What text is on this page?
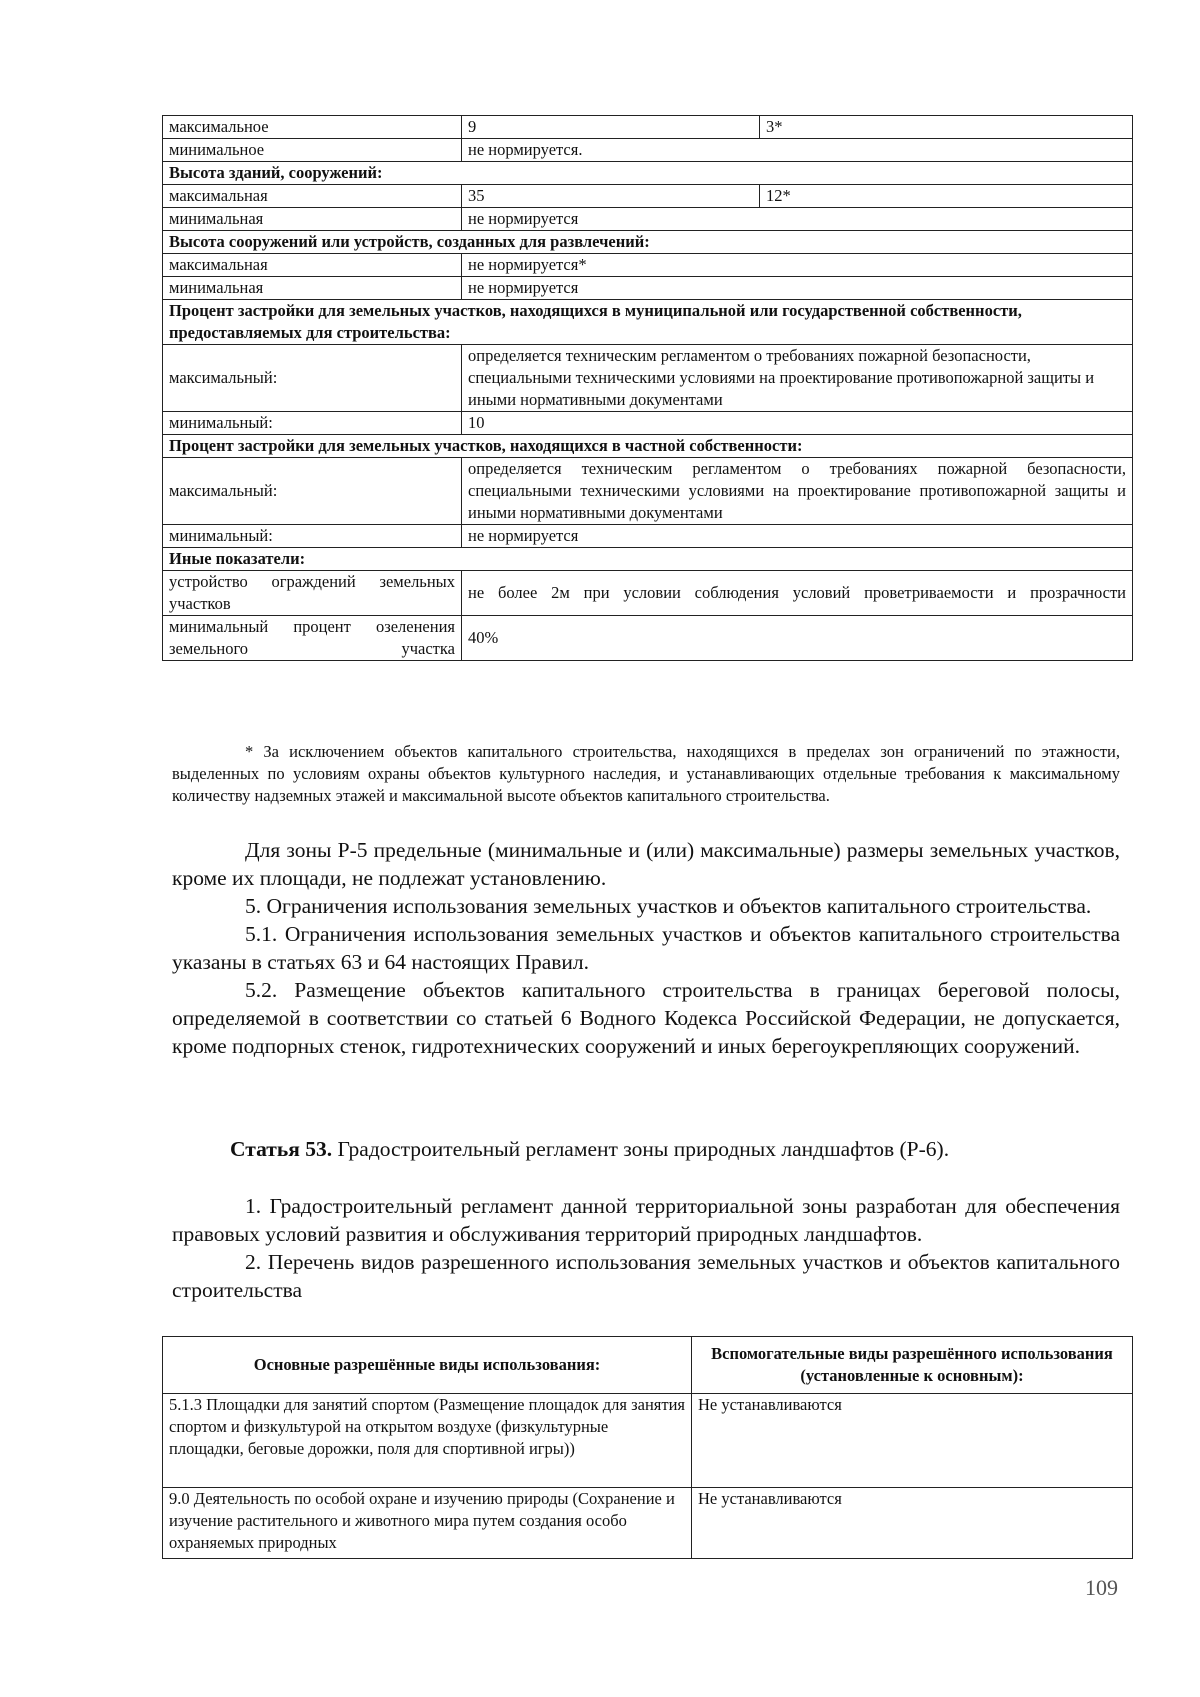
максимальное	9	3*
минимальное	не нормируется.	
Высота зданий, сооружений:		
максимальная	35	12*
минимальная	не нормируется	
Высота сооружений или устройств, созданных для развлечений:		
максимальная	не нормируется*	
минимальная	не нормируется	
Процент застройки для земельных участков, находящихся в муниципальной или государственной собственности, предоставляемых для строительства:		
максимальный:	определяется техническим регламентом о требованиях пожарной безопасности, специальными техническими условиями на проектирование противопожарной защиты и иными нормативными документами	
минимальный:	10	
Процент застройки для земельных участков, находящихся в частной собственности:		
максимальный:	определяется техническим регламентом о требованиях пожарной безопасности, специальными техническими условиями на проектирование противопожарной защиты и иными нормативными документами	
минимальный:	не нормируется	
Иные показатели:		
устройство ограждений земельных участков	не более 2м при условии соблюдения условий проветриваемости и прозрачности	
минимальный процент озеленения земельного участка	40%	
* За исключением объектов капитального строительства, находящихся в пределах зон ограничений по этажности, выделенных по условиям охраны объектов культурного наследия, и устанавливающих отдельные требования к максимальному количеству надземных этажей и максимальной высоте объектов капитального строительства.

Для зоны Р-5 предельные (минимальные и (или) максимальные) размеры земельных участков, кроме их площади, не подлежат установлению.

5. Ограничения использования земельных участков и объектов капитального строительства.

5.1. Ограничения использования земельных участков и объектов капитального строительства указаны в статьях 63 и 64 настоящих Правил.

5.2. Размещение объектов капитального строительства в границах береговой полосы, определяемой в соответствии со статьей 6 Водного Кодекса Российской Федерации, не допускается, кроме подпорных стенок, гидротехнических сооружений и иных берегоукрепляющих сооружений.

Статья 53. Градостроительный регламент зоны природных ландшафтов (Р-6).

1. Градостроительный регламент данной территориальной зоны разработан для обеспечения правовых условий развития и обслуживания территорий природных ландшафтов.

2. Перечень видов разрешенного использования земельных участков и объектов капитального строительства

Основные разрешённые виды использования:	Вспомогательные виды разрешённого использования (установленные к основным):
5.1.3 Площадки для занятий спортом (Размещение площадок для занятия спортом и физкультурой на открытом воздухе (физкультурные площадки, беговые дорожки, поля для спортивной игры))	Не устанавливаются
9.0 Деятельность по особой охране и изучению природы (Сохранение и изучение растительного и животного мира путем создания особо охраняемых природных	Не устанавливаются
109
